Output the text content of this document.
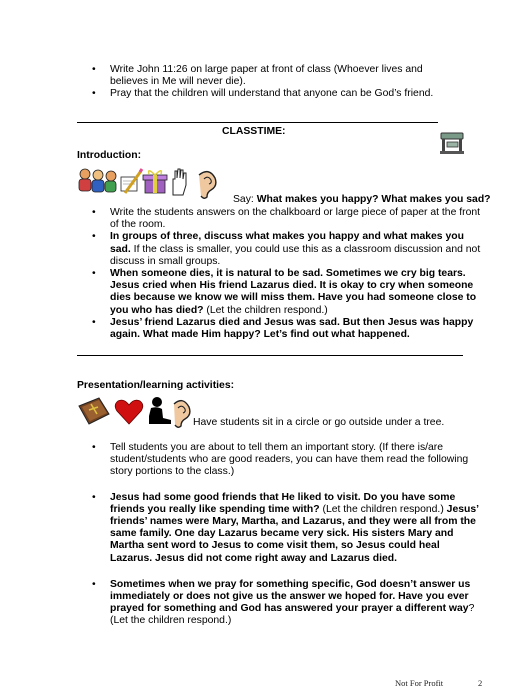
• Write John 11:26 on large paper at front of class (Whoever lives and believes in Me will never die).
• Pray that the children will understand that anyone can be God’s friend.
CLASSTIME:
Introduction:
Say: What makes you happy? What makes you sad?
• Write the students answers on the chalkboard or large piece of paper at the front of the room.
• In groups of three, discuss what makes you happy and what makes you sad. If the class is smaller, you could use this as a classroom discussion and not discuss in small groups.
• When someone dies, it is natural to be sad. Sometimes we cry big tears. Jesus cried when His friend Lazarus died. It is okay to cry when someone dies because we know we will miss them. Have you had someone close to you who has died? (Let the children respond.)
• Jesus’ friend Lazarus died and Jesus was sad. But then Jesus was happy again. What made Him happy? Let’s find out what happened.
Presentation/learning activities:
Have students sit in a circle or go outside under a tree.
• Tell students you are about to tell them an important story. (If there is/are student/students who are good readers, you can have them read the following story portions to the class.)
• Jesus had some good friends that He liked to visit. Do you have some friends you really like spending time with? (Let the children respond.) Jesus’ friends’ names were Mary, Martha, and Lazarus, and they were all from the same family. One day Lazarus became very sick. His sisters Mary and Martha sent word to Jesus to come visit them, so Jesus could heal Lazarus. Jesus did not come right away and Lazarus died.
• Sometimes when we pray for something specific, God doesn’t answer us immediately or does not give us the answer we hoped for. Have you ever prayed for something and God has answered your prayer a different way? (Let the children respond.)
Not For Profit	2
